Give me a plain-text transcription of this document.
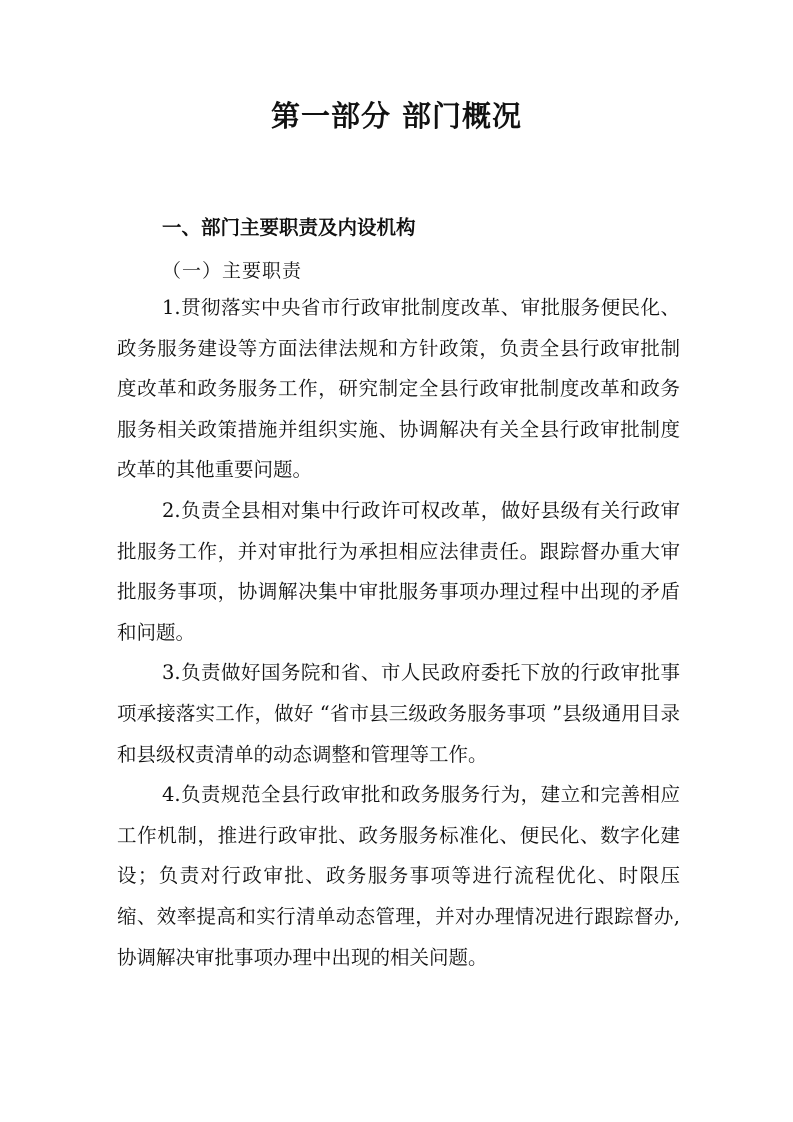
第一部分 部门概况
一、部门主要职责及内设机构
（一）主要职责

1.贯彻落实中央省市行政审批制度改革、审批服务便民化、政务服务建设等方面法律法规和方针政策，负责全县行政审批制度改革和政务服务工作，研究制定全县行政审批制度改革和政务服务相关政策措施并组织实施、协调解决有关全县行政审批制度改革的其他重要问题。

2.负责全县相对集中行政许可权改革，做好县级有关行政审批服务工作，并对审批行为承担相应法律责任。跟踪督办重大审批服务事项，协调解决集中审批服务事项办理过程中出现的矛盾和问题。

3.负责做好国务院和省、市人民政府委托下放的行政审批事项承接落实工作，做好 “省市县三级政务服务事项 ”县级通用目录和县级权责清单的动态调整和管理等工作。

4.负责规范全县行政审批和政务服务行为，建立和完善相应工作机制，推进行政审批、政务服务标准化、便民化、数字化建设；负责对行政审批、政务服务事项等进行流程优化、时限压缩、效率提高和实行清单动态管理，并对办理情况进行跟踪督办,协调解决审批事项办理中出现的相关问题。
